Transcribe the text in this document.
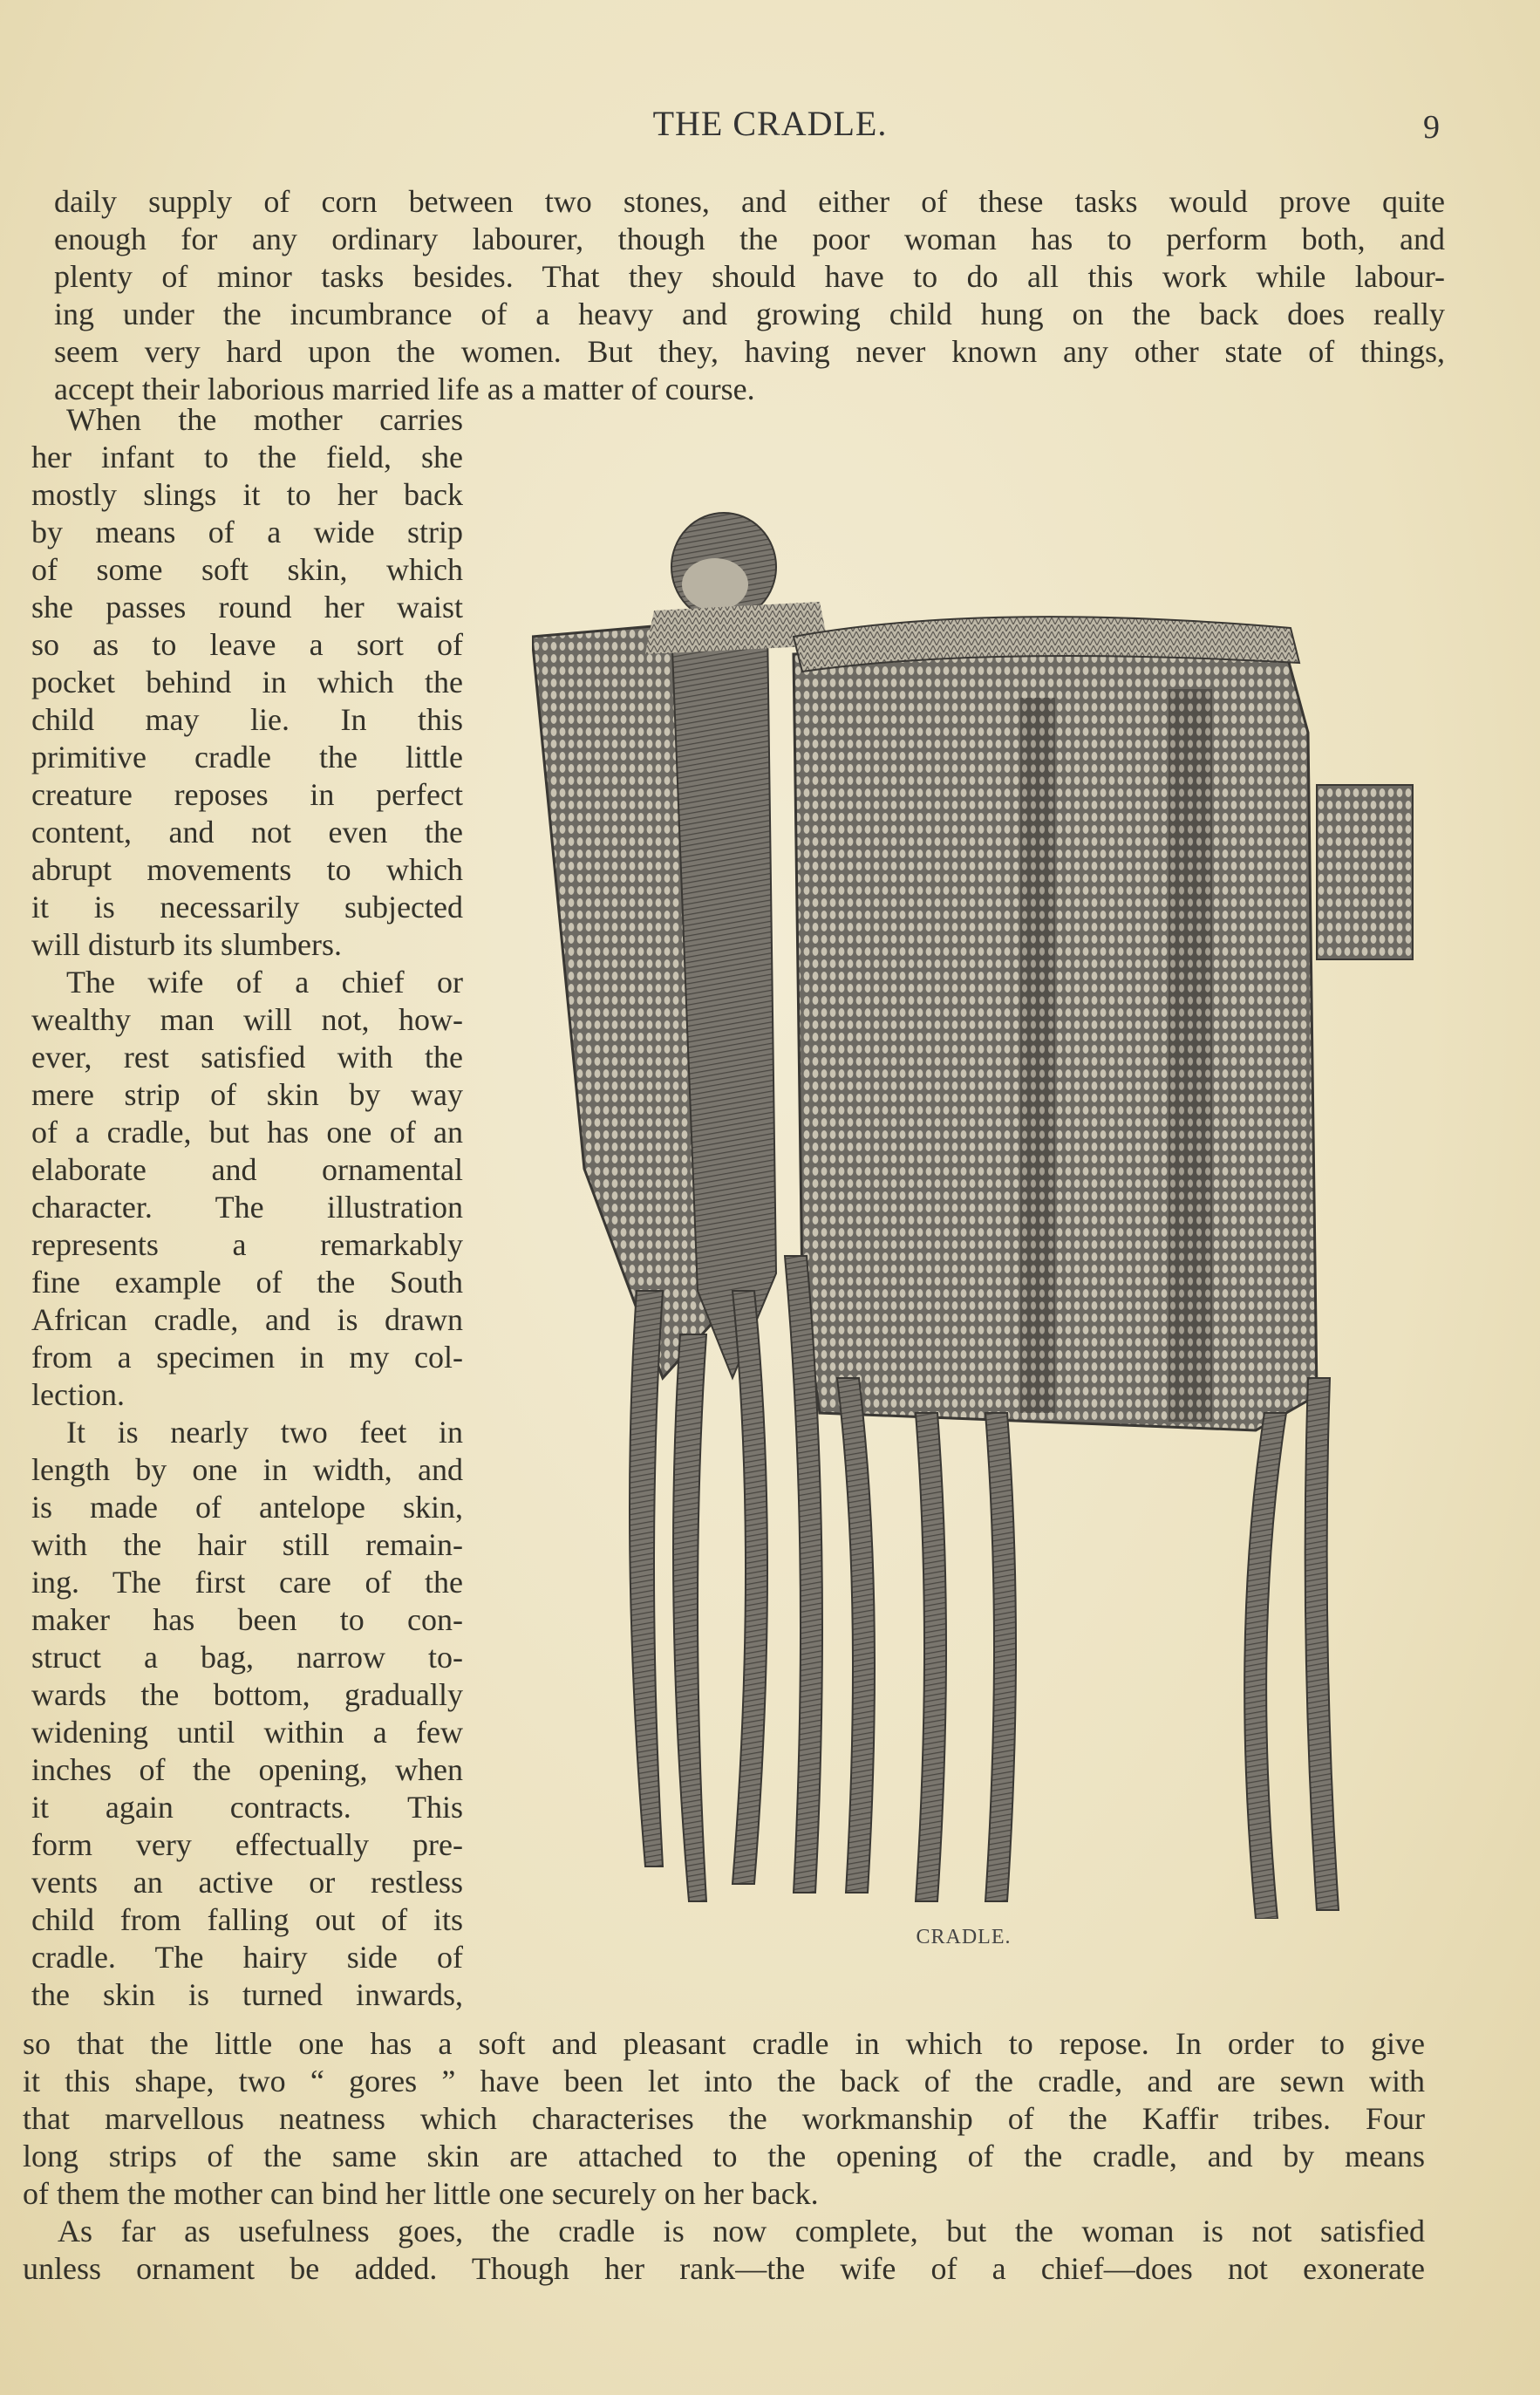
THE CRADLE.	9
daily supply of corn between two stones, and either of these tasks would prove quite
enough for any ordinary labourer, though the poor woman has to perform both, and
plenty of minor tasks besides. That they should have to do all this work while labour-
ing under the incumbrance of a heavy and growing child hung on the back does really
seem very hard upon the women. But they, having never known any other state of things,
accept their laborious married life as a matter of course.
When the mother carries
her infant to the field, she
mostly slings it to her back
by means of a wide strip
of some soft skin, which
she passes round her waist
so as to leave a sort of
pocket behind in which the
child may lie. In this
primitive cradle the little
creature reposes in perfect
content, and not even the
abrupt movements to which
it is necessarily subjected
will disturb its slumbers.
The wife of a chief or
wealthy man will not, how-
ever, rest satisfied with the
mere strip of skin by way
of a cradle, but has one of an
elaborate and ornamental
character. The illustration
represents a remarkably
fine example of the South
African cradle, and is drawn
from a specimen in my col-
lection.
It is nearly two feet in
length by one in width, and
is made of antelope skin,
with the hair still remain-
ing. The first care of the
maker has been to con-
struct a bag, narrow to-
wards the bottom, gradually
widening until within a few
inches of the opening, when
it again contracts. This
form very effectually pre-
vents an active or restless
child from falling out of its
cradle. The hairy side of
the skin is turned inwards,
CRADLE.
so that the little one has a soft and pleasant cradle in which to repose. In order to give
it this shape, two “ gores ” have been let into the back of the cradle, and are sewn with
that marvellous neatness which characterises the workmanship of the Kaffir tribes. Four
long strips of the same skin are attached to the opening of the cradle, and by means
of them the mother can bind her little one securely on her back.
As far as usefulness goes, the cradle is now complete, but the woman is not satisfied
unless ornament be added. Though her rank—the wife of a chief—does not exonerate
